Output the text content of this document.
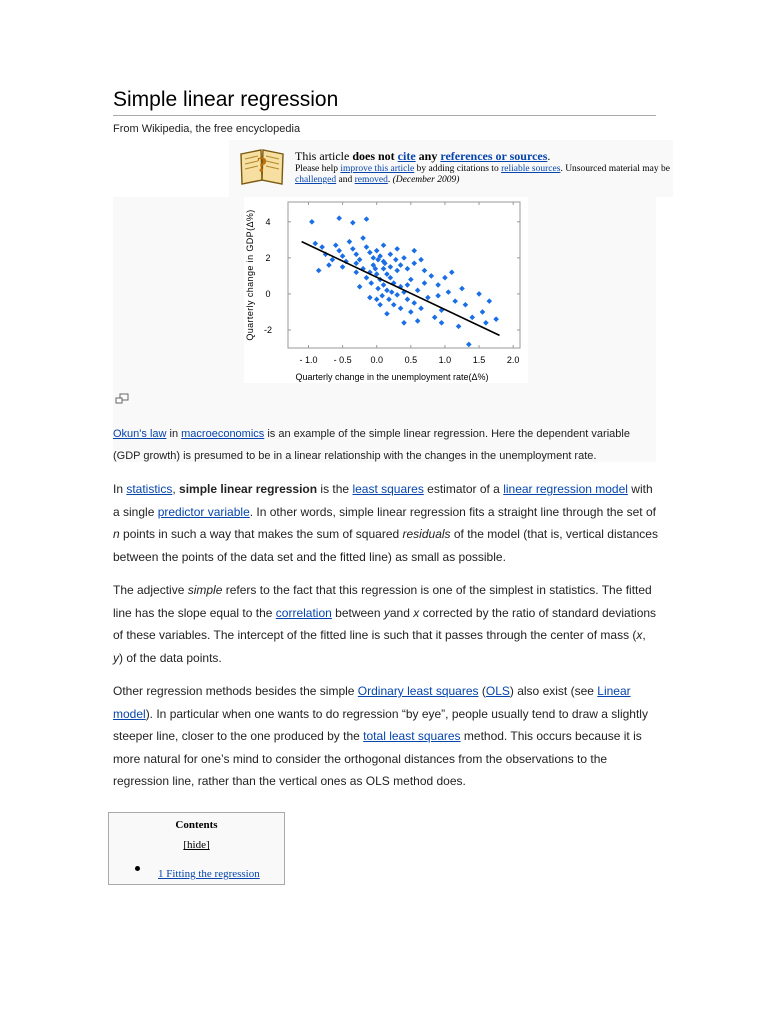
Simple linear regression
From Wikipedia, the free encyclopedia
? This article does not cite any references or sources.
Please help improve this article by adding citations to reliable sources. Unsourced material may be challenged and removed. (December 2009)
4
2
0
-2
- 1.0 - 0.5 0.0 0.5 1.0 1.5 2.0
Quarterly change in GDP(Δ%)
Quarterly change in the unemployment rate(Δ%)
Okun's law in macroeconomics is an example of the simple linear regression. Here the dependent variable (GDP growth) is presumed to be in a linear relationship with the changes in the unemployment rate.

In statistics, simple linear regression is the least squares estimator of a linear regression model with a single predictor variable. In other words, simple linear regression fits a straight line through the set of n points in such a way that makes the sum of squared residuals of the model (that is, vertical distances between the points of the data set and the fitted line) as small as possible.

The adjective simple refers to the fact that this regression is one of the simplest in statistics. The fitted line has the slope equal to the correlation between yand x corrected by the ratio of standard deviations of these variables. The intercept of the fitted line is such that it passes through the center of mass (x, y) of the data points.

Other regression methods besides the simple Ordinary least squares (OLS) also exist (see Linear model). In particular when one wants to do regression “by eye”, people usually tend to draw a slightly steeper line, closer to the one produced by the total least squares method. This occurs because it is more natural for one’s mind to consider the orthogonal distances from the observations to the regression line, rather than the vertical ones as OLS method does.

Contents
[hide]
1 Fitting the regression
